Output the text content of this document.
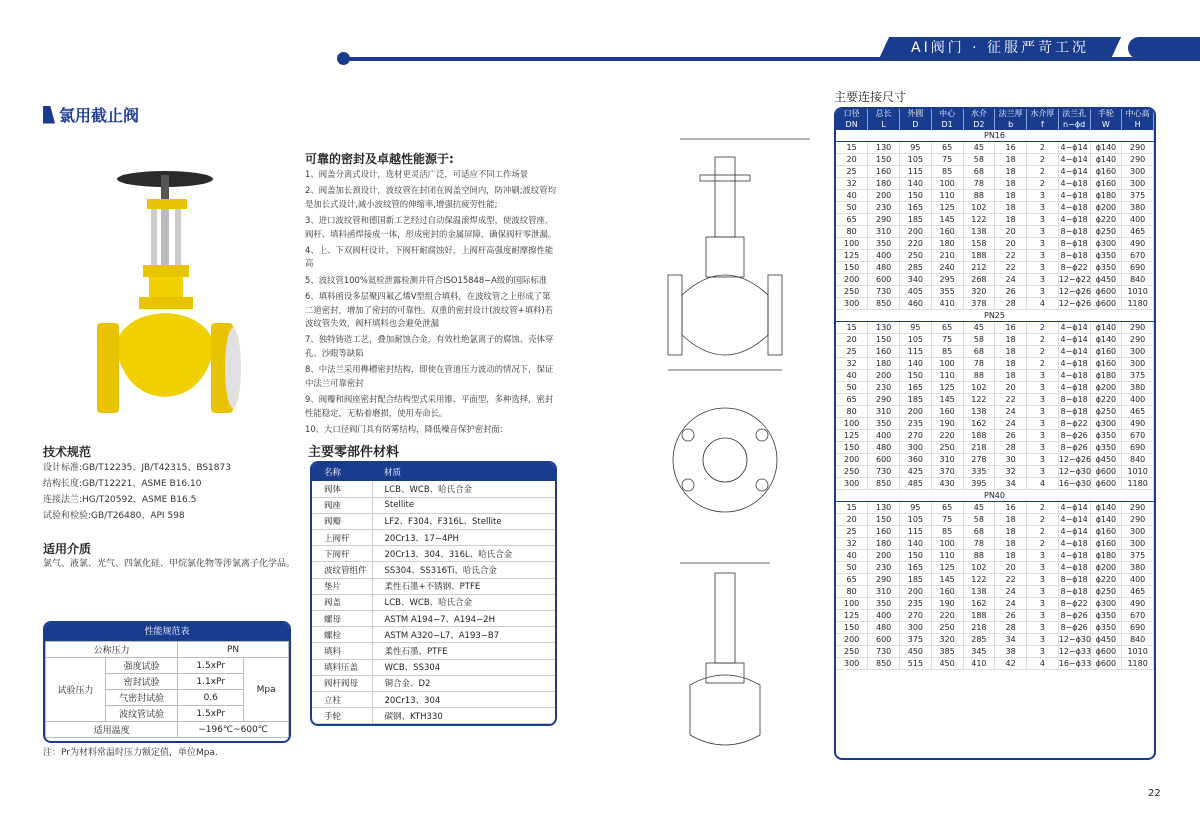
AI阀门 · 征服严苛工况
氯用截止阀
技术规范
设计标准:GB/T12235、JB/T42315、BS1873
结构长度:GB/T12221、ASME B16.10
连接法兰:HG/T20592、ASME B16.5
试验和检验:GB/T26480、API 598
适用介质
氯气、液氯、光气、四氯化硅、甲烷氯化物等涉氯离子化学品。
性能规范表
公称压力		PN	
试验压力	强度试验	1.5xPr	Mpa
	密封试验	1.1xPr	
	气密封试验	0.6	
	波纹管试验	1.5xPr	
适用温度		−196℃~600℃	
注：Pr为材料常温时压力额定值，单位Mpa.
可靠的密封及卓越性能源于:

1、阀盖分离式设计，选材更灵活广泛，可适应不同工作场景

2、阀盖加长颈设计，波纹管在封闭在阀盖空间内，防冲刷;波纹管均是加长式设计,减小波纹管的伸缩率,增强抗疲劳性能;

3、进口波纹管和德国新工艺经过自动保温滚焊成型，使波纹管座、阀杆、填料函焊接成一体，形成密封的金属屏障，确保阀杆零泄漏。

4、上、下双阀杆设计，下阀杆耐腐蚀好，上阀杆高强度耐摩擦性能高

5、波纹管100%氦检泄露检测并符合ISO15848−A级的国际标准

6、填料函设多层聚四氟乙烯V型组合填料，在波纹管之上形成了第二道密封，增加了密封的可靠性。双重的密封设计(波纹管+填料)若波纹管失效，阀杆填料也会避免泄漏

7、独特铸造工艺，叠加耐蚀合金，有效杜绝氯离子的腐蚀、壳体穿孔、沙眼等缺陷

8、中法兰采用榫槽密封结构，即使在管道压力波动的情况下，保证中法兰可靠密封

9、阀瓣和阀座密封配合结构型式采用锥、平面型，多种选择，密封性能稳定，无粘着磨损，使用寿命长。

10、大口径阀门具有防雾结构，降低噪音保护密封面:

主要零部件材料
名称	材质
阀体	LCB、WCB、哈氏合金
阀座	Stellite
阀瓣	LF2、F304、F316L、Stellite
上阀杆	20Cr13、17−4PH
下阀杆	20Cr13、304、316L、哈氏合金
波纹管组件	SS304、SS316Ti、哈氏合金
垫片	柔性石墨+不锈钢、PTFE
阀盖	LCB、WCB、哈氏合金
螺母	ASTM A194−7、A194−2H
螺栓	ASTM A320−L7、A193−B7
填料	柔性石墨、PTFE
填料压盖	WCB、SS304
阀杆阀母	铜合金、D2
立柱	20Cr13、304
手轮	碳钢、KTH330
主要连接尺寸
口径	总长	外圆	中心	水介	法兰厚	水介厚	法兰孔	手轮	中心高
DN	L	D	D1	D2	b	f	n−ϕd	W	H
PN16									
15	130	95	65	45	16	2	4−ϕ14	ϕ140	290
20	150	105	75	58	18	2	4−ϕ14	ϕ140	290
25	160	115	85	68	18	2	4−ϕ14	ϕ160	300
32	180	140	100	78	18	2	4−ϕ18	ϕ160	300
40	200	150	110	88	18	3	4−ϕ18	ϕ180	375
50	230	165	125	102	18	3	4−ϕ18	ϕ200	380
65	290	185	145	122	18	3	4−ϕ18	ϕ220	400
80	310	200	160	138	20	3	8−ϕ18	ϕ250	465
100	350	220	180	158	20	3	8−ϕ18	ϕ300	490
125	400	250	210	188	22	3	8−ϕ18	ϕ350	670
150	480	285	240	212	22	3	8−ϕ22	ϕ350	690
200	600	340	295	268	24	3	12−ϕ22	ϕ450	840
250	730	405	355	320	26	3	12−ϕ26	ϕ600	1010
300	850	460	410	378	28	4	12−ϕ26	ϕ600	1180
PN25									
15	130	95	65	45	16	2	4−ϕ14	ϕ140	290
20	150	105	75	58	18	2	4−ϕ14	ϕ140	290
25	160	115	85	68	18	2	4−ϕ14	ϕ160	300
32	180	140	100	78	18	2	4−ϕ18	ϕ160	300
40	200	150	110	88	18	3	4−ϕ18	ϕ180	375
50	230	165	125	102	20	3	4−ϕ18	ϕ200	380
65	290	185	145	122	22	3	8−ϕ18	ϕ220	400
80	310	200	160	138	24	3	8−ϕ18	ϕ250	465
100	350	235	190	162	24	3	8−ϕ22	ϕ300	490
125	400	270	220	188	26	3	8−ϕ26	ϕ350	670
150	480	300	250	218	28	3	8−ϕ26	ϕ350	690
200	600	360	310	278	30	3	12−ϕ26	ϕ450	840
250	730	425	370	335	32	3	12−ϕ30	ϕ600	1010
300	850	485	430	395	34	4	16−ϕ30	ϕ600	1180
PN40									
15	130	95	65	45	16	2	4−ϕ14	ϕ140	290
20	150	105	75	58	18	2	4−ϕ14	ϕ140	290
25	160	115	85	68	18	2	4−ϕ14	ϕ160	300
32	180	140	100	78	18	2	4−ϕ18	ϕ160	300
40	200	150	110	88	18	3	4−ϕ18	ϕ180	375
50	230	165	125	102	20	3	4−ϕ18	ϕ200	380
65	290	185	145	122	22	3	8−ϕ18	ϕ220	400
80	310	200	160	138	24	3	8−ϕ18	ϕ250	465
100	350	235	190	162	24	3	8−ϕ22	ϕ300	490
125	400	270	220	188	26	3	8−ϕ26	ϕ350	670
150	480	300	250	218	28	3	8−ϕ26	ϕ350	690
200	600	375	320	285	34	3	12−ϕ30	ϕ450	840
250	730	450	385	345	38	3	12−ϕ33	ϕ600	1010
300	850	515	450	410	42	4	16−ϕ33	ϕ600	1180
22
